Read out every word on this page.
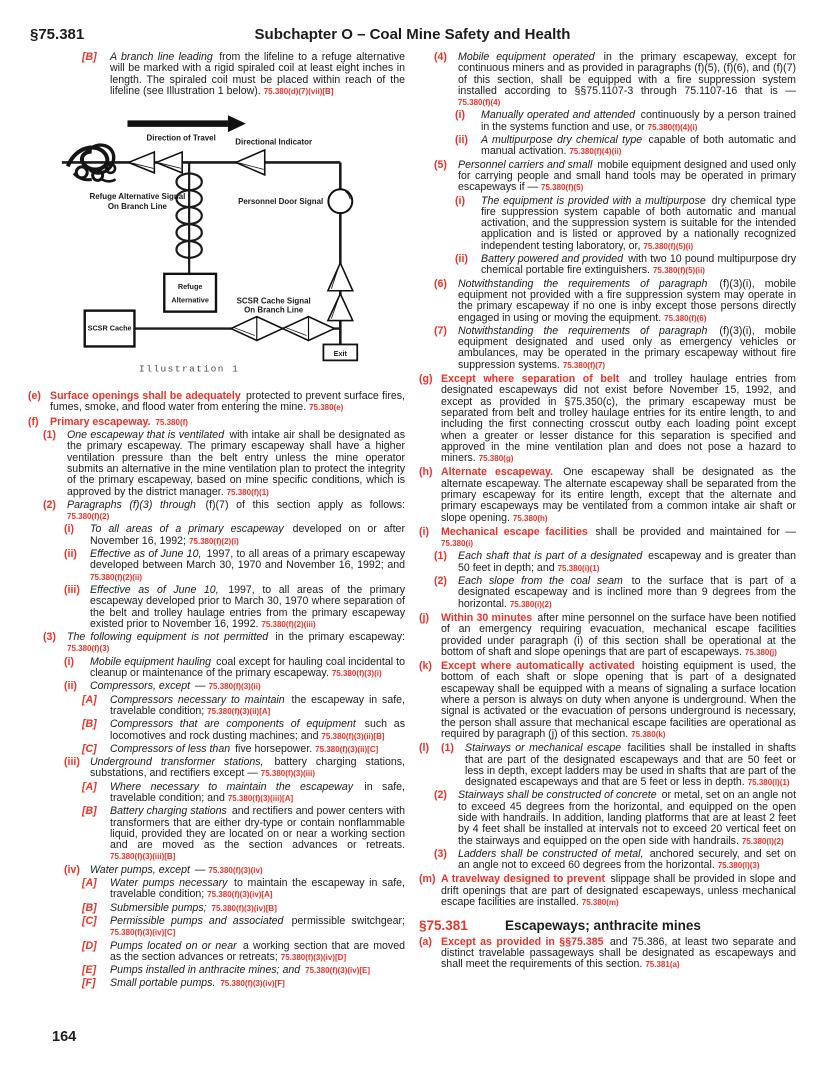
§75.381	Subchapter O – Coal Mine Safety and Health
[B]	A branch line leading from the lifeline to a refuge alternative will be marked with a rigid spiraled coil at least eight inches in length. The spiraled coil must be placed within reach of the lifeline (see Illustration 1 below). 75.380(d)(7)(vii)[B]
Direction of Travel Directional Indicator
Refuge Alternative Signal
On Branch Line
Personnel Door Signal
SCSR Cache Signal
On Branch Line
SCSR Cache
Refuge
Alternative
Exit
Illustration 1
(e) Surface openings shall be adequately protected to prevent surface fires, fumes, smoke, and flood water from entering the mine. 75.380(e)
(f)	Primary escapeway. 75.380(f)
(1)	One escapeway that is ventilated with intake air shall be designated as the primary escapeway. The primary escapeway shall have a higher ventilation pressure than the belt entry unless the mine operator submits an alternative in the mine ventilation plan to protect the integrity of the primary escapeway, based on mine specific conditions, which is approved by the district manager. 75.380(f)(1)
(2)	Paragraphs (f)(3) through (f)(7) of this section apply as follows: 75.380(f)(2)
(i)	To all areas of a primary escapeway developed on or after November 16, 1992; 75.380(f)(2)(i)
(ii)	Effective as of June 10, 1997, to all areas of a primary escapeway developed between March 30, 1970 and November 16, 1992; and 75.380(f)(2)(ii)
(iii) Effective as of June 10, 1997, to all areas of the primary escapeway developed prior to March 30, 1970 where separation of the belt and trolley haulage entries from the primary escapeway existed prior to November 16, 1992. 75.380(f)(2)(iii)
(3)	The following equipment is not permitted in the primary escapeway: 75.380(f)(3)
(i)	Mobile equipment hauling coal except for hauling coal incidental to cleanup or maintenance of the primary escapeway. 75.380(f)(3)(i)
(ii)	Compressors, except — 75.380(f)(3)(ii)
[A]	Compressors necessary to maintain the escapeway in safe, travelable condition; 75.380(f)(3)(ii)[A]
[B]	Compressors that are components of equipment such as locomotives and rock dusting machines; and 75.380(f)(3)(ii)[B]
[C]	Compressors of less than five horsepower. 75.380(f)(3)(ii)[C]
(iii) Underground transformer stations, battery charging stations, substations, and rectifiers except — 75.380(f)(3)(iii)
[A]	Where necessary to maintain the escapeway in safe, travelable condition; and 75.380(f)(3)(iii)[A]
[B]	Battery charging stations and rectifiers and power centers with transformers that are either dry-type or contain nonflammable liquid, provided they are located on or near a working section and are moved as the section advances or retreats. 75.380(f)(3)(iii)[B]
(iv) Water pumps, except — 75.380(f)(3)(iv)
[A]	Water pumps necessary to maintain the escapeway in safe, travelable condition; 75.380(f)(3)(iv)[A]
[B]	Submersible pumps; 75.380(f)(3)(iv)[B]
[C]	Permissible pumps and associated permissible switchgear; 75.380(f)(3)(iv)[C]
[D]	Pumps located on or near a working section that are moved as the section advances or retreats; 75.380(f)(3)(iv)[D]
[E]	Pumps installed in anthracite mines; and 75.380(f)(3)(iv)[E]
[F]	Small portable pumps. 75.380(f)(3)(iv)[F]
(4)	Mobile equipment operated in the primary escapeway, except for continuous miners and as provided in paragraphs (f)(5), (f)(6), and (f)(7) of this section, shall be equipped with a fire suppression system installed according to §§75.1107-3 through 75.1107-16 that is — 75.380(f)(4)
(i)	Manually operated and attended continuously by a person trained in the systems function and use, or 75.380(f)(4)(i)
(ii)	A multipurpose dry chemical type capable of both automatic and manual activation. 75.380(f)(4)(ii)
(5)	Personnel carriers and small mobile equipment designed and used only for carrying people and small hand tools may be operated in primary escapeways if — 75.380(f)(5)
(i)	The equipment is provided with a multipurpose dry chemical type fire suppression system capable of both automatic and manual activation, and the suppression system is suitable for the intended application and is listed or approved by a nationally recognized independent testing laboratory, or, 75.380(f)(5)(i)
(ii)	Battery powered and provided with two 10 pound multipurpose dry chemical portable fire extinguishers. 75.380(f)(5)(ii)
(6)	Notwithstanding the requirements of paragraph (f)(3)(i), mobile equipment not provided with a fire suppression system may operate in the primary escapeway if no one is inby except those persons directly engaged in using or moving the equipment. 75.380(f)(6)
(7)	Notwithstanding the requirements of paragraph (f)(3)(i), mobile equipment designated and used only as emergency vehicles or ambulances, may be operated in the primary escapeway without fire suppression systems. 75.380(f)(7)
(g) Except where separation of belt and trolley haulage entries from designated escapeways did not exist before November 15, 1992, and except as provided in §75.350(c), the primary escapeway must be separated from belt and trolley haulage entries for its entire length, to and including the first connecting crosscut outby each loading point except when a greater or lesser distance for this separation is specified and approved in the mine ventilation plan and does not pose a hazard to miners. 75.380(g)
(h) Alternate escapeway. One escapeway shall be designated as the alternate escapeway. The alternate escapeway shall be separated from the primary escapeway for its entire length, except that the alternate and primary escapeways may be ventilated from a common intake air shaft or slope opening. 75.380(h)
(i)	Mechanical escape facilities shall be provided and maintained for — 75.380(i)
(1)	Each shaft that is part of a designated escapeway and is greater than 50 feet in depth; and 75.380(i)(1)
(2)	Each slope from the coal seam to the surface that is part of a designated escapeway and is inclined more than 9 degrees from the horizontal. 75.380(i)(2)
(j)	Within 30 minutes after mine personnel on the surface have been notified of an emergency requiring evacuation, mechanical escape facilities provided under paragraph (i) of this section shall be operational at the bottom of shaft and slope openings that are part of escapeways. 75.380(j)
(k) Except where automatically activated hoisting equipment is used, the bottom of each shaft or slope opening that is part of a designated escapeway shall be equipped with a means of signaling a surface location where a person is always on duty when anyone is underground. When the signal is activated or the evacuation of persons underground is necessary, the person shall assure that mechanical escape facilities are operational as required by paragraph (j) of this section. 75.380(k)
(l)	(1)	Stairways or mechanical escape facilities shall be installed in shafts that are part of the designated escapeways and that are 50 feet or less in depth, except ladders may be used in shafts that are part of the designated escapeways and that are 5 feet or less in depth. 75.380(l)(1)
(2)	Stairways shall be constructed of concrete or metal, set on an angle not to exceed 45 degrees from the horizontal, and equipped on the open side with handrails. In addition, landing platforms that are at least 2 feet by 4 feet shall be installed at intervals not to exceed 20 vertical feet on the stairways and equipped on the open side with handrails. 75.380(l)(2)
(3)	Ladders shall be constructed of metal, anchored securely, and set on an angle not to exceed 60 degrees from the horizontal. 75.380(l)(3)
(m) A travelway designed to prevent slippage shall be provided in slope and drift openings that are part of designated escapeways, unless mechanical escape facilities are installed. 75.380(m)
§75.381	Escapeways; anthracite mines
(a) Except as provided in §§75.385 and 75.386, at least two separate and distinct travelable passageways shall be designated as escapeways and shall meet the requirements of this section. 75.381(a)
164
